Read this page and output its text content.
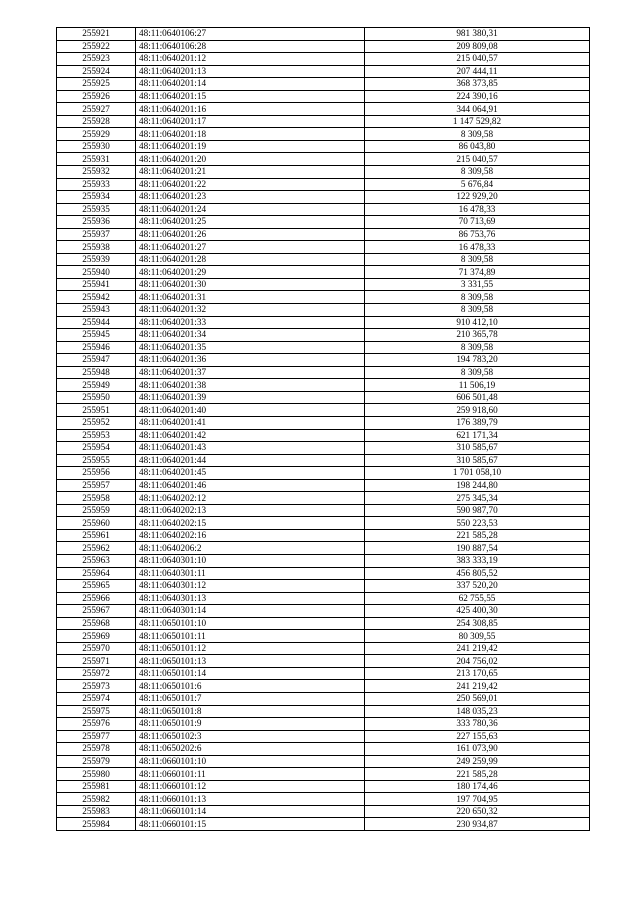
255921	48:11:0640106:27	981 380,31
255922	48:11:0640106:28	209 809,08
255923	48:11:0640201:12	215 040,57
255924	48:11:0640201:13	207 444,11
255925	48:11:0640201:14	368 373,85
255926	48:11:0640201:15	224 390,16
255927	48:11:0640201:16	344 064,91
255928	48:11:0640201:17	1 147 529,82
255929	48:11:0640201:18	8 309,58
255930	48:11:0640201:19	86 043,80
255931	48:11:0640201:20	215 040,57
255932	48:11:0640201:21	8 309,58
255933	48:11:0640201:22	5 676,84
255934	48:11:0640201:23	122 929,20
255935	48:11:0640201:24	16 478,33
255936	48:11:0640201:25	70 713,69
255937	48:11:0640201:26	86 753,76
255938	48:11:0640201:27	16 478,33
255939	48:11:0640201:28	8 309,58
255940	48:11:0640201:29	71 374,89
255941	48:11:0640201:30	3 331,55
255942	48:11:0640201:31	8 309,58
255943	48:11:0640201:32	8 309,58
255944	48:11:0640201:33	910 412,10
255945	48:11:0640201:34	210 365,78
255946	48:11:0640201:35	8 309,58
255947	48:11:0640201:36	194 783,20
255948	48:11:0640201:37	8 309,58
255949	48:11:0640201:38	11 506,19
255950	48:11:0640201:39	606 501,48
255951	48:11:0640201:40	259 918,60
255952	48:11:0640201:41	176 389,79
255953	48:11:0640201:42	621 171,34
255954	48:11:0640201:43	310 585,67
255955	48:11:0640201:44	310 585,67
255956	48:11:0640201:45	1 701 058,10
255957	48:11:0640201:46	198 244,80
255958	48:11:0640202:12	275 345,34
255959	48:11:0640202:13	590 987,70
255960	48:11:0640202:15	550 223,53
255961	48:11:0640202:16	221 585,28
255962	48:11:0640206:2	190 887,54
255963	48:11:0640301:10	383 333,19
255964	48:11:0640301:11	456 805,52
255965	48:11:0640301:12	337 520,20
255966	48:11:0640301:13	62 755,55
255967	48:11:0640301:14	425 400,30
255968	48:11:0650101:10	254 308,85
255969	48:11:0650101:11	80 309,55
255970	48:11:0650101:12	241 219,42
255971	48:11:0650101:13	204 756,02
255972	48:11:0650101:14	213 170,65
255973	48:11:0650101:6	241 219,42
255974	48:11:0650101:7	250 569,01
255975	48:11:0650101:8	148 035,23
255976	48:11:0650101:9	333 780,36
255977	48:11:0650102:3	227 155,63
255978	48:11:0650202:6	161 073,90
255979	48:11:0660101:10	249 259,99
255980	48:11:0660101:11	221 585,28
255981	48:11:0660101:12	180 174,46
255982	48:11:0660101:13	197 704,95
255983	48:11:0660101:14	220 650,32
255984	48:11:0660101:15	230 934,87
